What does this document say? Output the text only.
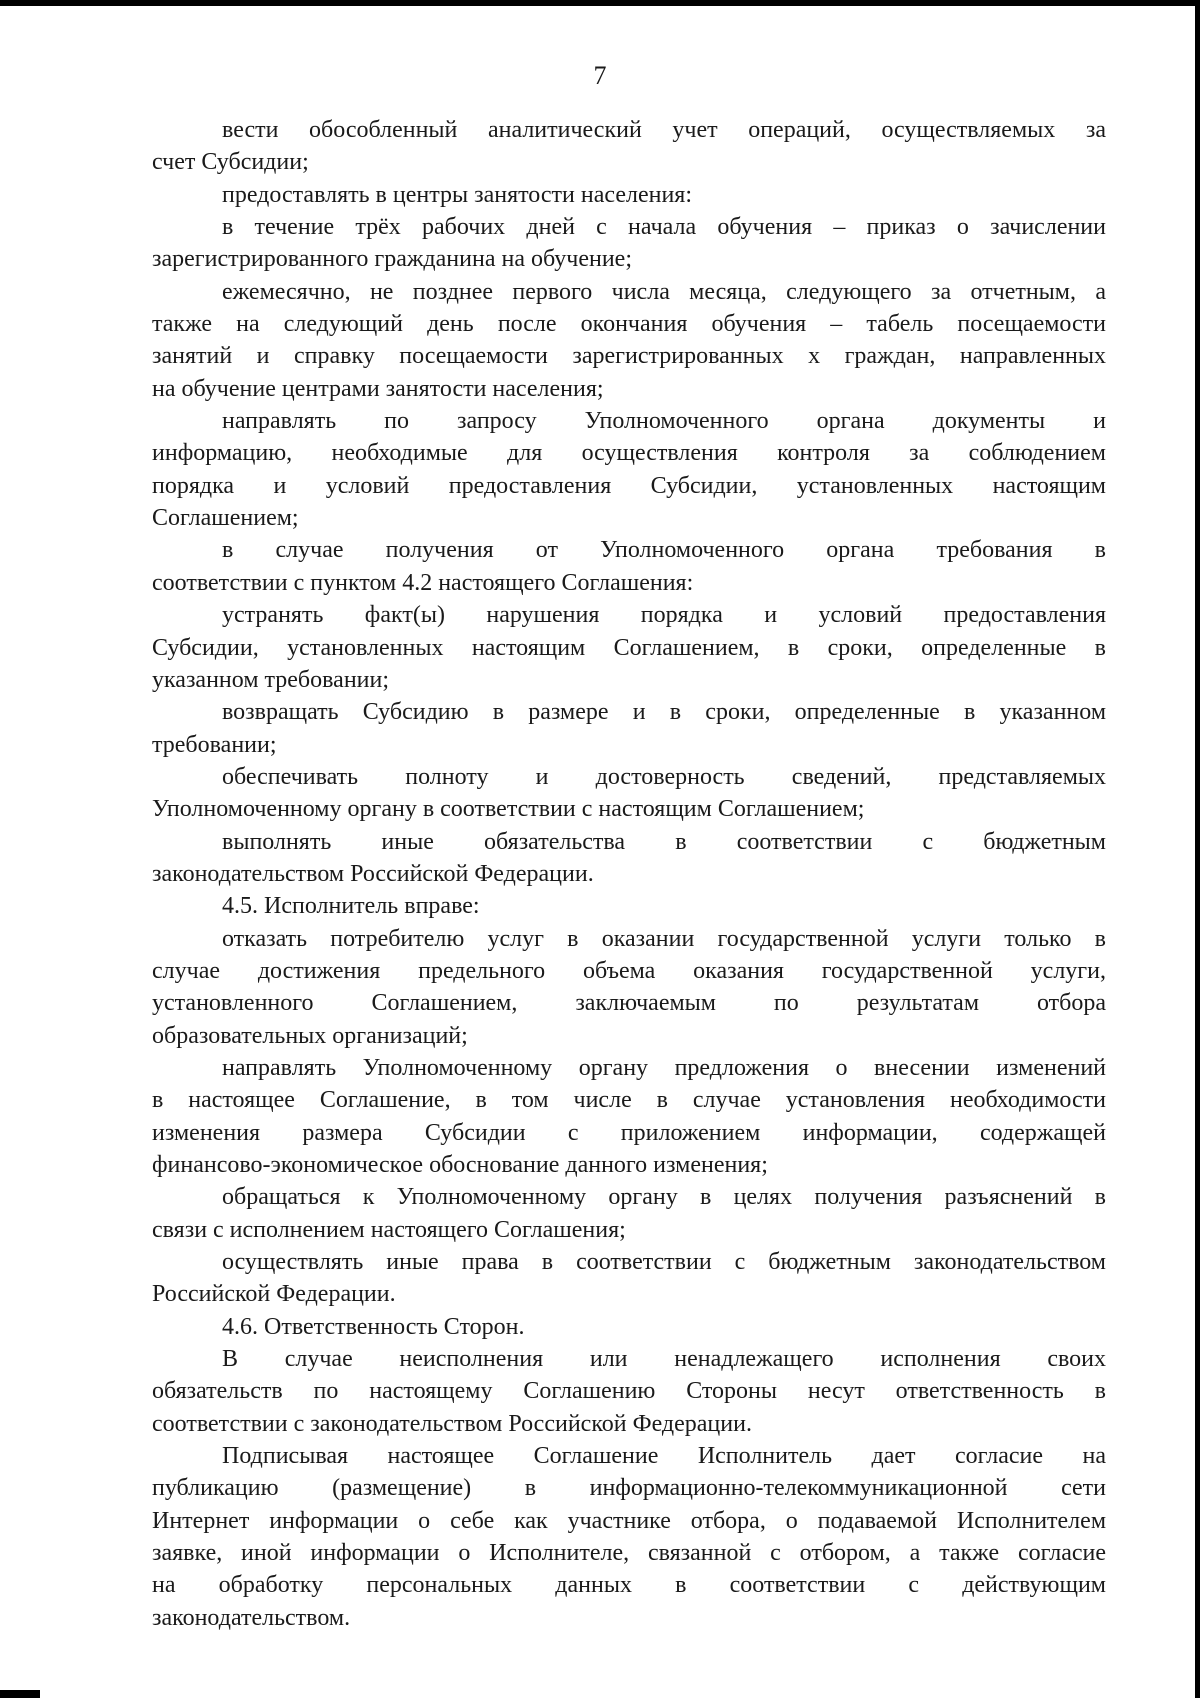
7
вести обособленный аналитический учет операций, осуществляемых за
счет Субсидии;
предоставлять в центры занятости населения:
в течение трёх рабочих дней с начала обучения – приказ о зачислении
зарегистрированного гражданина на обучение;
ежемесячно, не позднее первого числа месяца, следующего за отчетным, а
также на следующий день после окончания обучения – табель посещаемости
занятий и справку посещаемости зарегистрированных х граждан, направленных
на обучение центрами занятости населения;
направлять по запросу Уполномоченного органа документы и
информацию, необходимые для осуществления контроля за соблюдением
порядка и условий предоставления Субсидии, установленных настоящим
Соглашением;
в случае получения от Уполномоченного органа требования в
соответствии с пунктом 4.2 настоящего Соглашения:
устранять факт(ы) нарушения порядка и условий предоставления
Субсидии, установленных настоящим Соглашением, в сроки, определенные в
указанном требовании;
возвращать Субсидию в размере и в сроки, определенные в указанном
требовании;
обеспечивать полноту и достоверность сведений, представляемых
Уполномоченному органу в соответствии с настоящим Соглашением;
выполнять иные обязательства в соответствии с бюджетным
законодательством Российской Федерации.
4.5. Исполнитель вправе:
отказать потребителю услуг в оказании государственной услуги только в
случае достижения предельного объема оказания государственной услуги,
установленного Соглашением, заключаемым по результатам отбора
образовательных организаций;
направлять Уполномоченному органу предложения о внесении изменений
в настоящее Соглашение, в том числе в случае установления необходимости
изменения размера Субсидии с приложением информации, содержащей
финансово-экономическое обоснование данного изменения;
обращаться к Уполномоченному органу в целях получения разъяснений в
связи с исполнением настоящего Соглашения;
осуществлять иные права в соответствии с бюджетным законодательством
Российской Федерации.
4.6. Ответственность Сторон.
В случае неисполнения или ненадлежащего исполнения своих
обязательств по настоящему Соглашению Стороны несут ответственность в
соответствии с законодательством Российской Федерации.
Подписывая настоящее Соглашение Исполнитель дает согласие на
публикацию (размещение) в информационно-телекоммуникационной сети
Интернет информации о себе как участнике отбора, о подаваемой Исполнителем
заявке, иной информации о Исполнителе, связанной с отбором, а также согласие
на обработку персональных данных в соответствии с действующим
законодательством.
